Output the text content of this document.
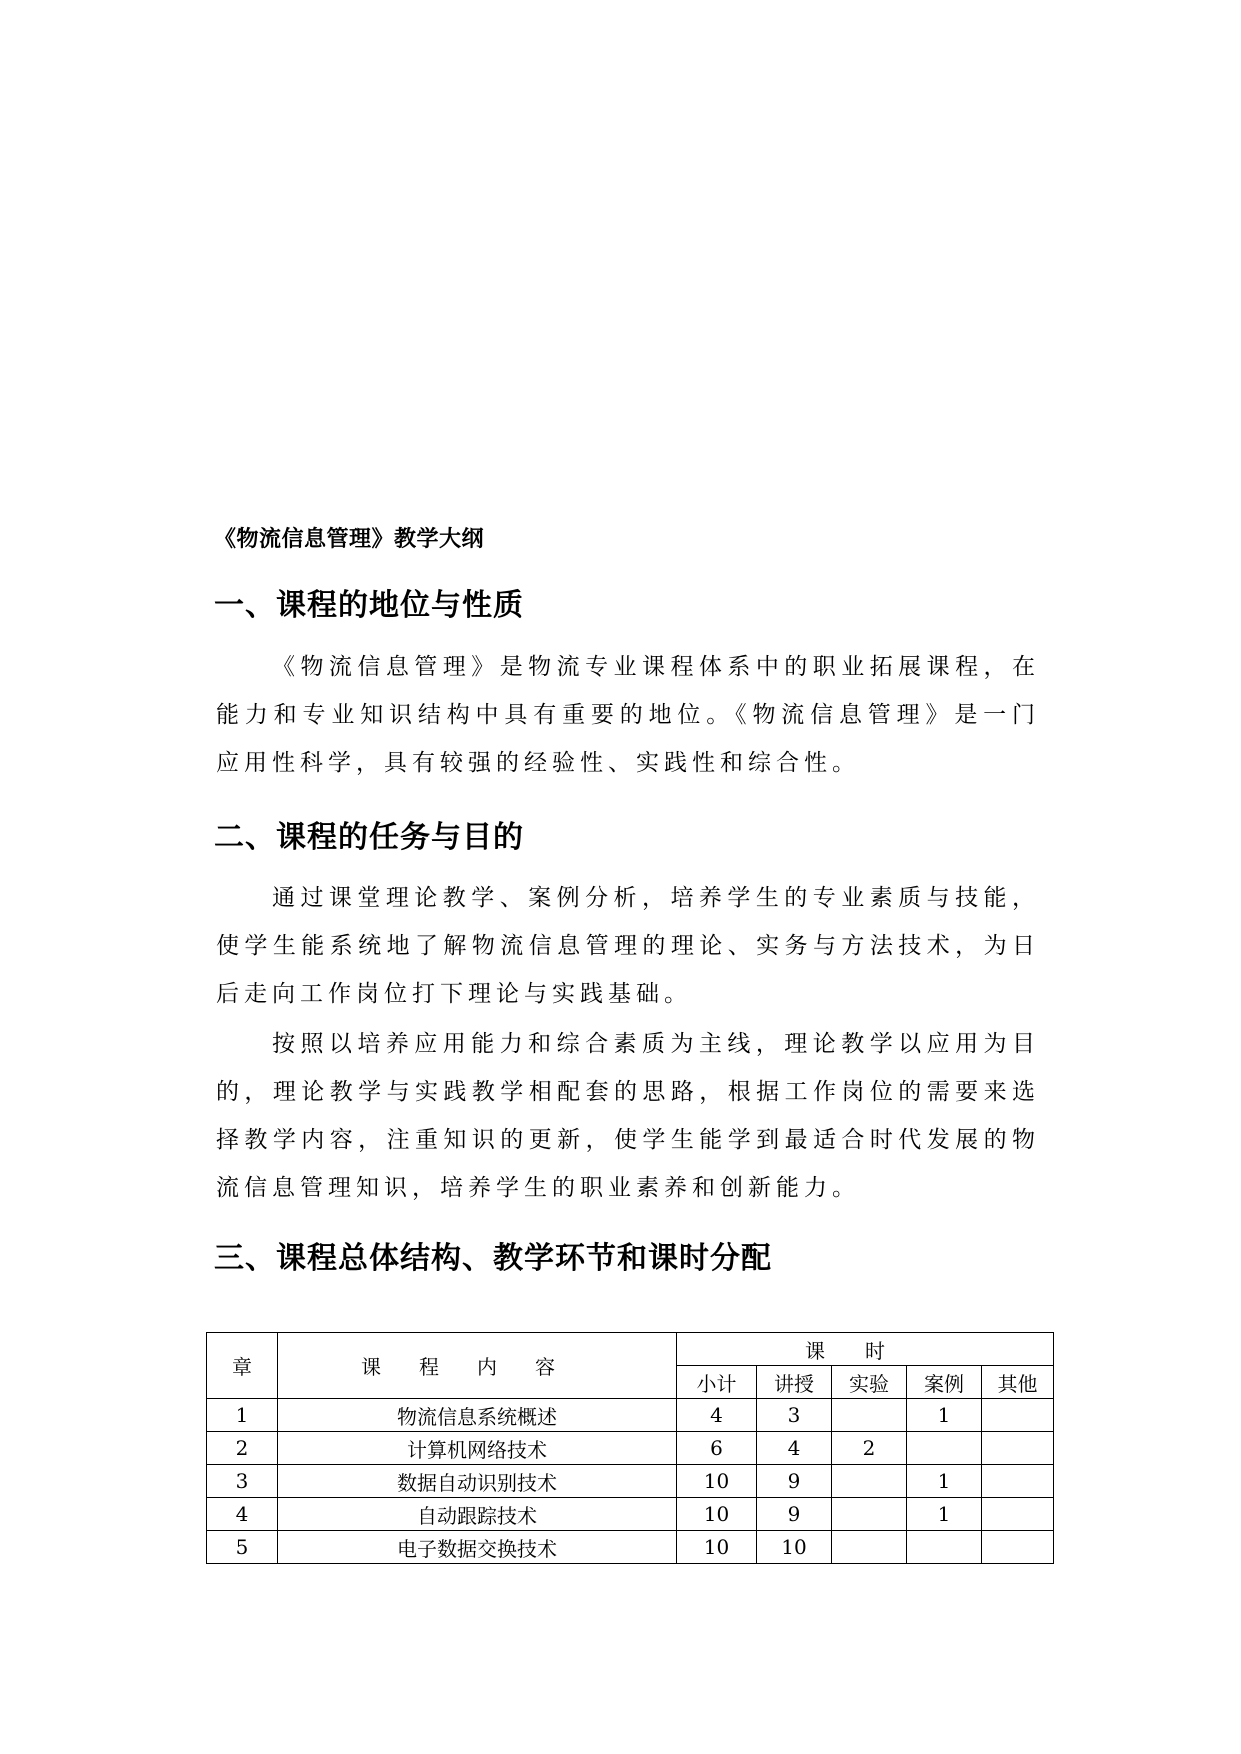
《物流信息管理》教学大纲
一、课程的地位与性质

《物流信息管理》是物流专业课程体系中的职业拓展课程，在能力和专业知识结构中具有重要的地位。《物流信息管理》是一门应用性科学，具有较强的经验性、实践性和综合性。

二、课程的任务与目的

通过课堂理论教学、案例分析，培养学生的专业素质与技能，使学生能系统地了解物流信息管理的理论、实务与方法技术，为日后走向工作岗位打下理论与实践基础。

按照以培养应用能力和综合素质为主线，理论教学以应用为目的，理论教学与实践教学相配套的思路，根据工作岗位的需要来选择教学内容，注重知识的更新，使学生能学到最适合时代发展的物流信息管理知识，培养学生的职业素养和创新能力。

三、课程总体结构、教学环节和课时分配
章	课程内容	课时				
		小计	讲授	实验	案例	其他
1	物流信息系统概述	4	3		1	
2	计算机网络技术	6	4	2		
3	数据自动识别技术	10	9		1	
4	自动跟踪技术	10	9		1	
5	电子数据交换技术	10	10			
